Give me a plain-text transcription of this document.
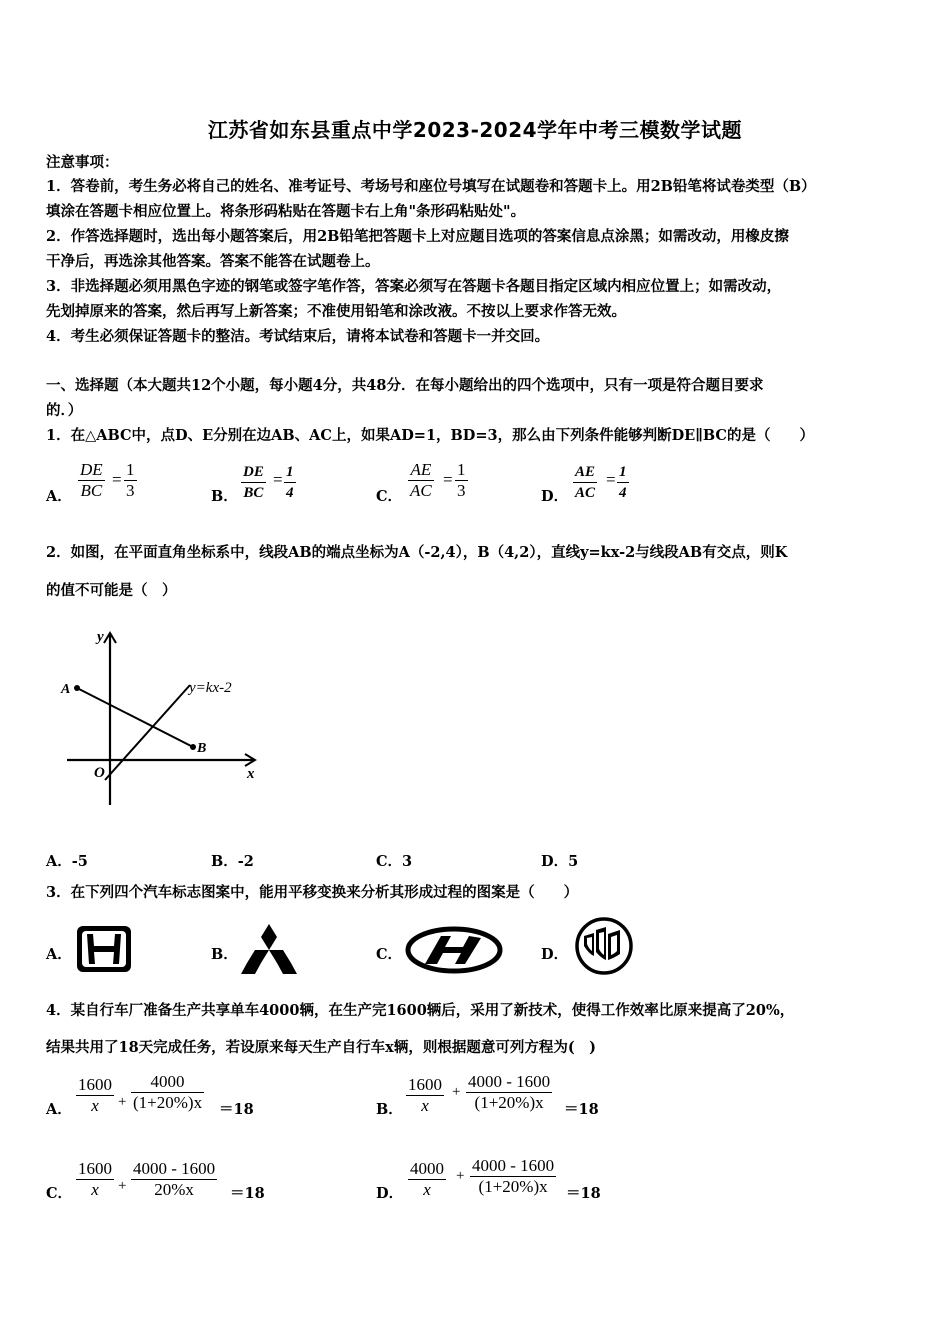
江苏省如东县重点中学2023-2024学年中考三模数学试题
注意事项：
1．答卷前，考生务必将自己的姓名、准考证号、考场号和座位号填写在试题卷和答题卡上。用2B铅笔将试卷类型（B）
填涂在答题卡相应位置上。将条形码粘贴在答题卡右上角"条形码粘贴处"。
2．作答选择题时，选出每小题答案后，用2B铅笔把答题卡上对应题目选项的答案信息点涂黑；如需改动，用橡皮擦
干净后，再选涂其他答案。答案不能答在试题卷上。
3．非选择题必须用黑色字迹的钢笔或签字笔作答，答案必须写在答题卡各题目指定区域内相应位置上；如需改动，
先划掉原来的答案，然后再写上新答案；不准使用铅笔和涂改液。不按以上要求作答无效。
4．考生必须保证答题卡的整洁。考试结束后，请将本试卷和答题卡一并交回。
一、选择题（本大题共12个小题，每小题4分，共48分．在每小题给出的四个选项中，只有一项是符合题目要求
的．）
1．在△ABC中，点D、E分别在边AB、AC上，如果AD=1，BD=3，那么由下列条件能够判断DE∥BC的是（　　）
A． $\frac{DE}{BC} = \frac{1}{3}$	B． $\frac{DE}{BC} = \frac{1}{4}$	C． $\frac{AE}{AC} = \frac{1}{3}$	D． $\frac{AE}{AC} = \frac{1}{4}$
2．如图，在平面直角坐标系中，线段AB的端点坐标为A（-2,4），B（4,2），直线y=kx-2与线段AB有交点，则K
的值不可能是（　）
y
x
O
A
B
y=kx-2
A．-5	B．-2	C．3	D．5
3．在下列四个汽车标志图案中，能用平移变换来分析其形成过程的图案是（　　）
A．	B．	C．	D．
4．某自行车厂准备生产共享单车4000辆，在生产完1600辆后，采用了新技术，使得工作效率比原来提高了20%，
结果共用了18天完成任务，若设原来每天生产自行车x辆，则根据题意可列方程为(　)
A． $\frac{1600}{x} + \frac{4000}{(1+20\%)x} =18$	B． $\frac{1600}{x} + \frac{4000 - 1600}{(1+20\%)x} =18$
C． $\frac{1600}{x} + \frac{4000 - 1600}{20\%x} =18$	D． $\frac{4000}{x} + \frac{4000 - 1600}{(1+20\%)x} =18$
